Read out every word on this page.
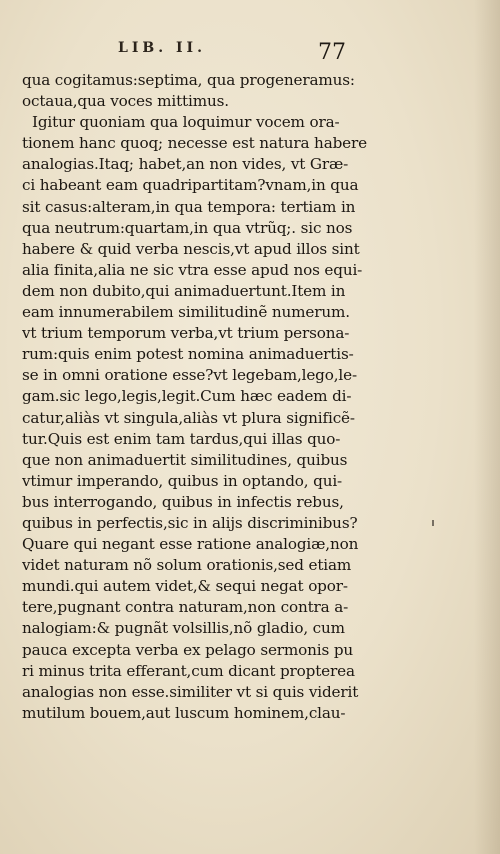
LIB. II.	77
qua cogitamus:septima, qua progeneramus:
octaua,qua voces mittimus.
Igitur quoniam qua loquimur vocem ora-
tionem hanc quoq; necesse est natura habere
analogias.Itaq; habet,an non vides, vt Græ-
ci habeant eam quadripartitam?vnam,in qua
sit casus:alteram,in qua tempora: tertiam in
qua neutrum:quartam,in qua vtrũq;. sic nos
habere & quid verba nescis,vt apud illos sint
alia finita,alia ne sic vtra esse apud nos equi-
dem non dubito,qui animaduertunt.Item in
eam innumerabilem similitudinẽ numerum.
vt trium temporum verba,vt trium persona-
rum:quis enim potest nomina animaduertis-
se in omni oratione esse?vt legebam,lego,le-
gam.sic lego,legis,legit.Cum hæc eadem di-
catur,aliàs vt singula,aliàs vt plura significẽ-
tur.Quis est enim tam tardus,qui illas quo-
que non animaduertit similitudines, quibus
vtimur imperando, quibus in optando, qui-
bus interrogando, quibus in infectis rebus,
quibus in perfectis,sic in alijs discriminibus?
Quare qui negant esse ratione analogiæ,non
videt naturam nõ solum orationis,sed etiam
mundi.qui autem videt,& sequi negat opor-
tere,pugnant contra naturam,non contra a-
nalogiam:& pugnãt volsillis,nõ gladio, cum
pauca excepta verba ex pelago sermonis pu
ri minus trita efferant,cum dicant propterea
analogias non esse.similiter vt si quis viderit
mutilum bouem,aut luscum hominem,clau-
